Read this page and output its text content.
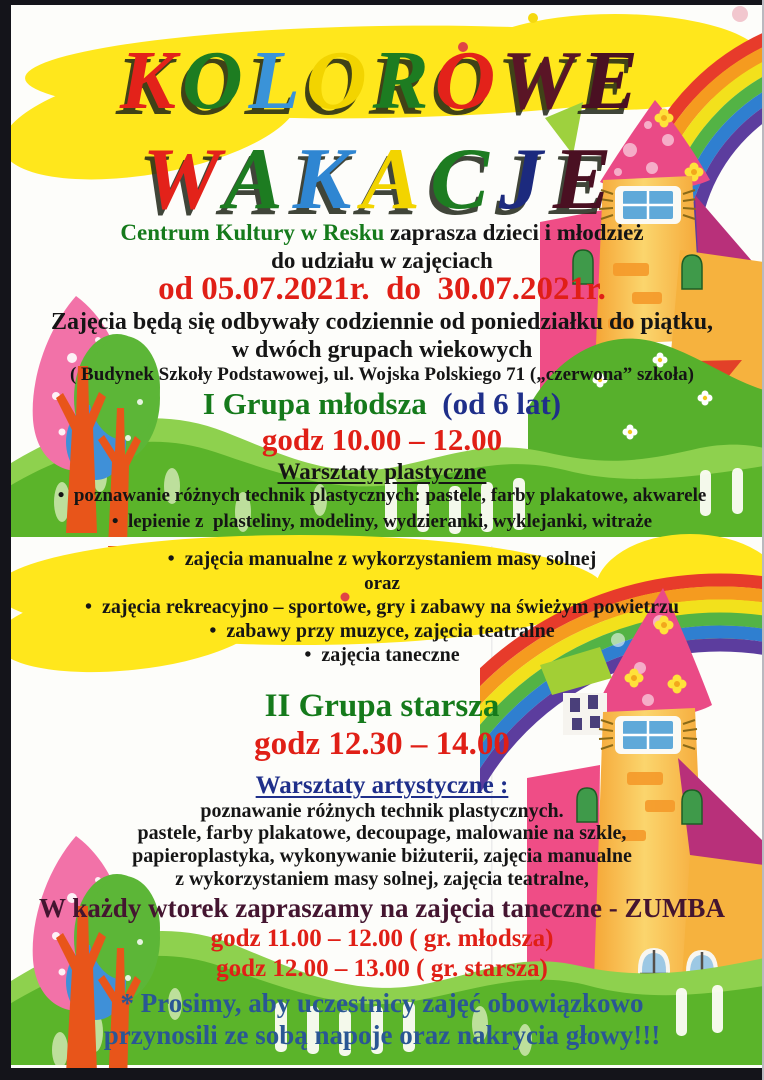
KOLOROWE
WAKACJE
Centrum Kultury w Resku zaprasza dzieci i młodzież
do udziału w zajęciach
od 05.07.2021r.  do  30.07.2021r.
Zajęcia będą się odbywały codziennie od poniedziałku do piątku,
w dwóch grupach wiekowych
( Budynek Szkoły Podstawowej, ul. Wojska Polskiego 71 („czerwona” szkoła)
I Grupa młodsza  (od 6 lat)
godz 10.00 – 12.00
Warsztaty plastyczne
•  poznawanie różnych technik plastycznych: pastele, farby plakatowe, akwarele
•  lepienie z  plasteliny, modeliny, wydzieranki, wyklejanki, witraże
•  zajęcia manualne z wykorzystaniem masy solnej
oraz
•  zajęcia rekreacyjno – sportowe, gry i zabawy na świeżym powietrzu
•  zabawy przy muzyce, zajęcia teatralne
•  zajęcia taneczne
II Grupa starsza
godz 12.30 – 14.00
Warsztaty artystyczne :
poznawanie różnych technik plastycznych.
pastele, farby plakatowe, decoupage, malowanie na szkle,
papieroplastyka, wykonywanie biżuterii, zajęcia manualne
z wykorzystaniem masy solnej, zajęcia teatralne,
W każdy wtorek zapraszamy na zajęcia taneczne - ZUMBA
godz 11.00 – 12.00 ( gr. młodsza)
godz 12.00 – 13.00 ( gr. starsza)
* Prosimy, aby uczestnicy zajęć obowiązkowo
przynosili ze sobą napoje oraz nakrycia głowy!!!
